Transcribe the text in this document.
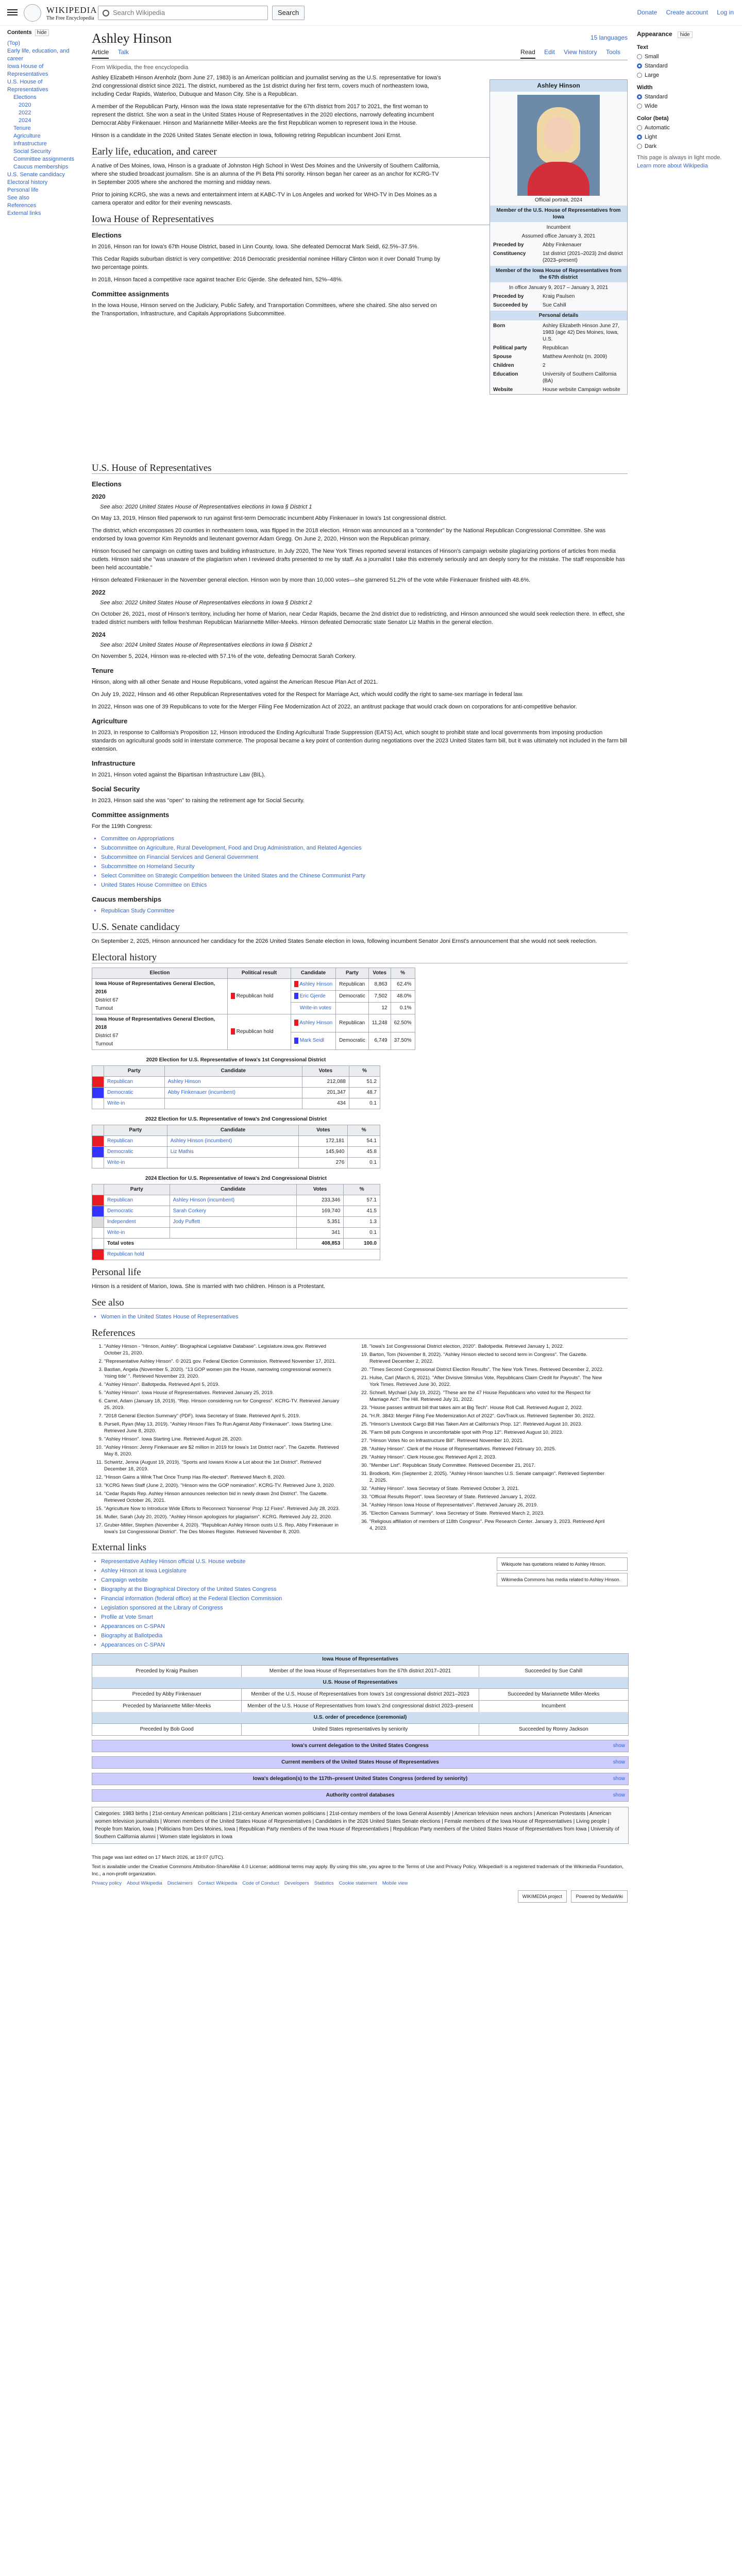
WIKIPEDIA
The Free Encyclopedia
Search Wikipedia	Search	Donate Create account Log in
Contents hide
(Top)
Early life, education, and career
Iowa House of Representatives
U.S. House of Representatives
Elections
2020
2022
2024
Tenure
Agriculture
Infrastructure
Social Security
Committee assignments
Caucus memberships
U.S. Senate candidacy
Electoral history
Personal life
See also
References
External links
Ashley Hinson	15 languages
Article Talk	Read Edit View history Tools
From Wikipedia, the free encyclopedia
Ashley Hinson
Official portrait, 2024
Member of the U.S. House of Representatives from Iowa
Incumbent
Assumed office January 3, 2021
Preceded by	Abby Finkenauer
Constituency	1st district (2021–2023) 2nd district (2023–present)
Member of the Iowa House of Representatives from the 67th district
In office January 9, 2017 – January 3, 2021
Preceded by	Kraig Paulsen
Succeeded by	Sue Cahill
Personal details
Born	Ashley Elizabeth Hinson June 27, 1983 (age 42) Des Moines, Iowa, U.S.
Political party	Republican
Spouse	Matthew Arenholz (m. 2009)
Children	2
Education	University of Southern California (BA)
Website	House website Campaign website

Ashley Elizabeth Hinson Arenholz (born June 27, 1983) is an American politician and journalist serving as the U.S. representative for Iowa's 2nd congressional district since 2021. The district, numbered as the 1st district during her first term, covers much of northeastern Iowa, including Cedar Rapids, Waterloo, Dubuque and Mason City. She is a Republican.

A member of the Republican Party, Hinson was the Iowa state representative for the 67th district from 2017 to 2021, the first woman to represent the district. She won a seat in the United States House of Representatives in the 2020 elections, narrowly defeating incumbent Democrat Abby Finkenauer. Hinson and Mariannette Miller-Meeks are the first Republican women to represent Iowa in the House.

Hinson is a candidate in the 2026 United States Senate election in Iowa, following retiring Republican incumbent Joni Ernst.

Early life, education, and career

A native of Des Moines, Iowa, Hinson is a graduate of Johnston High School in West Des Moines and the University of Southern California, where she studied broadcast journalism. She is an alumna of the Pi Beta Phi sorority. Hinson began her career as an anchor for KCRG-TV in September 2005 where she anchored the morning and midday news.

Prior to joining KCRG, she was a news and entertainment intern at KABC-TV in Los Angeles and worked for WHO-TV in Des Moines as a camera operator and editor for their evening newscasts.

Iowa House of Representatives
Elections

In 2016, Hinson ran for Iowa's 67th House District, based in Linn County, Iowa. She defeated Democrat Mark Seidl, 62.5%–37.5%.

This Cedar Rapids suburban district is very competitive: 2016 Democratic presidential nominee Hillary Clinton won it over Donald Trump by two percentage points.

In 2018, Hinson faced a competitive race against teacher Eric Gjerde. She defeated him, 52%–48%.

Committee assignments

In the Iowa House, Hinson served on the Judiciary, Public Safety, and Transportation Committees, where she chaired. She also served on the Transportation, Infrastructure, and Capitals Appropriations Subcommittee.

U.S. House of Representatives
Elections
2020
See also: 2020 United States House of Representatives elections in Iowa § District 1

On May 13, 2019, Hinson filed paperwork to run against first-term Democratic incumbent Abby Finkenauer in Iowa's 1st congressional district.

The district, which encompasses 20 counties in northeastern Iowa, was flipped in the 2018 election. Hinson was announced as a "contender" by the National Republican Congressional Committee. She was endorsed by Iowa governor Kim Reynolds and lieutenant governor Adam Gregg. On June 2, 2020, Hinson won the Republican primary.

Hinson focused her campaign on cutting taxes and building infrastructure. In July 2020, The New York Times reported several instances of Hinson's campaign website plagiarizing portions of articles from media outlets. Hinson said she "was unaware of the plagiarism when I reviewed drafts presented to me by staff. As a journalist I take this extremely seriously and am deeply sorry for the mistake. The staff responsible has been held accountable."

Hinson defeated Finkenauer in the November general election. Hinson won by more than 10,000 votes—she garnered 51.2% of the vote while Finkenauer finished with 48.6%.

2022
See also: 2022 United States House of Representatives elections in Iowa § District 2

On October 26, 2021, most of Hinson's territory, including her home of Marion, near Cedar Rapids, became the 2nd district due to redistricting, and Hinson announced she would seek reelection there. In effect, she traded district numbers with fellow freshman Republican Mariannette Miller-Meeks. Hinson defeated Democratic state Senator Liz Mathis in the general election.

2024
See also: 2024 United States House of Representatives elections in Iowa § District 2

On November 5, 2024, Hinson was re-elected with 57.1% of the vote, defeating Democrat Sarah Corkery.

Tenure

Hinson, along with all other Senate and House Republicans, voted against the American Rescue Plan Act of 2021.

On July 19, 2022, Hinson and 46 other Republican Representatives voted for the Respect for Marriage Act, which would codify the right to same-sex marriage in federal law.

In 2022, Hinson was one of 39 Republicans to vote for the Merger Filing Fee Modernization Act of 2022, an antitrust package that would crack down on corporations for anti-competitive behavior.

Agriculture

In 2023, in response to California's Proposition 12, Hinson introduced the Ending Agricultural Trade Suppression (EATS) Act, which sought to prohibit state and local governments from imposing production standards on agricultural goods sold in interstate commerce. The proposal became a key point of contention during negotiations over the 2023 United States farm bill, but it was ultimately not included in the farm bill extension.

Infrastructure

In 2021, Hinson voted against the Bipartisan Infrastructure Law (BIL).

Social Security

In 2023, Hinson said she was "open" to raising the retirement age for Social Security.

Committee assignments

For the 119th Congress:

• Committee on Appropriations
• Subcommittee on Agriculture, Rural Development, Food and Drug Administration, and Related Agencies
• Subcommittee on Financial Services and General Government
• Subcommittee on Homeland Security
• Select Committee on Strategic Competition between the United States and the Chinese Communist Party
• United States House Committee on Ethics
Caucus memberships
• Republican Study Committee
U.S. Senate candidacy

On September 2, 2025, Hinson announced her candidacy for the 2026 United States Senate election in Iowa, following incumbent Senator Joni Ernst's announcement that she would not seek reelection.

Electoral history
Election	Political result	Candidate	Party	Votes	%
Iowa House of Representatives General Election, 2016
District 67
Turnout	Republican hold	Ashley Hinson	Republican	8,863	62.4%
		Eric Gjerde	Democratic	7,502	48.0%
		Write-in votes		12	0.1%
Iowa House of Representatives General Election, 2018
District 67
Turnout	Republican hold	Ashley Hinson	Republican	11,248	62.50%
		Mark Seidl	Democratic	6,749	37.50%
2020 Election for U.S. Representative of Iowa's 1st Congressional District
	Party	Candidate	Votes	%
	Republican	Ashley Hinson	212,088	51.2
	Democratic	Abby Finkenauer (incumbent)	201,347	48.7
	Write-in		434	0.1
2022 Election for U.S. Representative of Iowa's 2nd Congressional District
	Party	Candidate	Votes	%
	Republican	Ashley Hinson (incumbent)	172,181	54.1
	Democratic	Liz Mathis	145,940	45.8
	Write-in		276	0.1
2024 Election for U.S. Representative of Iowa's 2nd Congressional District
	Party	Candidate	Votes	%
	Republican	Ashley Hinson (incumbent)	233,346	57.1
	Democratic	Sarah Corkery	169,740	41.5
	Independent	Jody Puffett	5,351	1.3
	Write-in		341	0.1
	Total votes		408,853	100.0
	Republican hold			
Personal life

Hinson is a resident of Marion, Iowa. She is married with two children. Hinson is a Protestant.

See also
• Women in the United States House of Representatives
References
1. "Ashley Hinson - "Hinson, Ashley". Biographical Legislative Database". Legislature.iowa.gov. Retrieved October 21, 2020.
2. "Representative Ashley Hinson". © 2021 gov. Federal Election Commission. Retrieved November 17, 2021.
3. Bastian, Angela (November 5, 2020). "13 GOP women join the House, narrowing congressional women's 'rising tide' ". Retrieved November 23, 2020.
4. "Ashley Hinson". Ballotpedia. Retrieved April 5, 2019.
5. "Ashley Hinson". Iowa House of Representatives. Retrieved January 25, 2019.
6. Carrel, Adam (January 18, 2019). "Rep. Hinson considering run for Congress". KCRG-TV. Retrieved January 25, 2019.
7. "2018 General Election Summary" (PDF). Iowa Secretary of State. Retrieved April 5, 2019.
8. Pursell, Ryan (May 13, 2019). "Ashley Hinson Files To Run Against Abby Finkenauer". Iowa Starting Line. Retrieved June 8, 2020.
9. "Ashley Hinson". Iowa Starting Line. Retrieved August 28, 2020.
10. "Ashley Hinson: Jenny Finkenauer are $2 million in 2019 for Iowa's 1st District race". The Gazette. Retrieved May 8, 2020.
11. Schwirtz, Jenna (August 19, 2019). "Sports and Iowans Know a Lot about the 1st District". Retrieved December 18, 2019.
12. "Hinson Gains a Wink That Once Trump Has Re-elected". Retrieved March 8, 2020.
13. "KCRG News Staff (June 2, 2020). "Hinson wins the GOP nomination". KCRG-TV. Retrieved June 3, 2020.
14. "Cedar Rapids Rep. Ashley Hinson announces reelection bid in newly drawn 2nd District". The Gazette. Retrieved October 26, 2021.
15. "Agriculture Now to Introduce Wide Efforts to Reconnect 'Nonsense' Prop 12 Fixes". Retrieved July 28, 2023.
16. Muller, Sarah (July 20, 2020). "Ashley Hinson apologizes for plagiarism". KCRG. Retrieved July 22, 2020.
17. Gruber-Miller, Stephen (November 4, 2020). "Republican Ashley Hinson ousts U.S. Rep. Abby Finkenauer in Iowa's 1st Congressional District". The Des Moines Register. Retrieved November 8, 2020.
18. "Iowa's 1st Congressional District election, 2020". Ballotpedia. Retrieved January 1, 2022.
19. Barton, Tom (November 8, 2022). "Ashley Hinson elected to second term in Congress". The Gazette. Retrieved December 2, 2022.
20. "Times Second Congressional District Election Results". The New York Times. Retrieved December 2, 2022.
21. Hulse, Carl (March 6, 2021). "After Divisive Stimulus Vote, Republicans Claim Credit for Payouts". The New York Times. Retrieved June 30, 2022.
22. Schnell, Mychael (July 19, 2022). "These are the 47 House Republicans who voted for the Respect for Marriage Act". The Hill. Retrieved July 31, 2022.
23. "House passes antitrust bill that takes aim at Big Tech". House Roll Call. Retrieved August 2, 2022.
24. "H.R. 3843: Merger Filing Fee Modernization Act of 2022". GovTrack.us. Retrieved September 30, 2022.
25. "Hinson's Livestock Cargo Bill Has Taken Aim at California's Prop. 12". Retrieved August 10, 2023.
26. "Farm bill puts Congress in uncomfortable spot with Prop 12". Retrieved August 10, 2023.
27. "Hinson Votes No on Infrastructure Bill". Retrieved November 10, 2021.
28. "Ashley Hinson". Clerk of the House of Representatives. Retrieved February 10, 2025.
29. "Ashley Hinson". Clerk House.gov. Retrieved April 2, 2023.
30. "Member List". Republican Study Committee. Retrieved December 21, 2017.
31. Brodkorb, Kim (September 2, 2025). "Ashley Hinson launches U.S. Senate campaign". Retrieved September 2, 2025.
32. "Ashley Hinson". Iowa Secretary of State. Retrieved October 3, 2021.
33. "Official Results Report". Iowa Secretary of State. Retrieved January 1, 2022.
34. "Ashley Hinson Iowa House of Representatives". Retrieved January 26, 2019.
35. "Election Canvass Summary". Iowa Secretary of State. Retrieved March 2, 2023.
36. "Religious affiliation of members of 118th Congress". Pew Research Center. January 3, 2023. Retrieved April 4, 2023.
External links
• Representative Ashley Hinson official U.S. House website
• Ashley Hinson at Iowa Legislature
• Campaign website
• Biography at the Biographical Directory of the United States Congress
• Financial information (federal office) at the Federal Election Commission
• Legislation sponsored at the Library of Congress
• Profile at Vote Smart
• Appearances on C-SPAN
• Biography at Ballotpedia
• Appearances on C-SPAN
Wikiquote has quotations related to Ashley Hinson.
Wikimedia Commons has media related to Ashley Hinson.
Iowa House of Representatives
Preceded by Kraig Paulsen	Member of the Iowa House of Representatives from the 67th district 2017–2021	Succeeded by Sue Cahill
U.S. House of Representatives
Preceded by Abby Finkenauer	Member of the U.S. House of Representatives from Iowa's 1st congressional district 2021–2023	Succeeded by Mariannette Miller-Meeks
Preceded by Mariannette Miller-Meeks	Member of the U.S. House of Representatives from Iowa's 2nd congressional district 2023–present	Incumbent
U.S. order of precedence (ceremonial)
Preceded by Bob Good	United States representatives by seniority	Succeeded by Ronny Jackson
Iowa's current delegation to the United States Congress	show
Current members of the United States House of Representatives	show
Iowa's delegation(s) to the 117th–present United States Congress (ordered by seniority)	show
Authority control databases	show
Categories: 1983 births | 21st-century American politicians | 21st-century American women politicians | 21st-century members of the Iowa General Assembly | American television news anchors | American Protestants | American women television journalists | Women members of the United States House of Representatives | Candidates in the 2026 United States Senate elections | Female members of the Iowa House of Representatives | Living people | People from Marion, Iowa | Politicians from Des Moines, Iowa | Republican Party members of the Iowa House of Representatives | Republican Party members of the United States House of Representatives from Iowa | University of Southern California alumni | Women state legislators in Iowa
This page was last edited on 17 March 2026, at 19:07 (UTC).
Text is available under the Creative Commons Attribution-ShareAlike 4.0 License; additional terms may apply. By using this site, you agree to the Terms of Use and Privacy Policy. Wikipedia® is a registered trademark of the Wikimedia Foundation, Inc., a non-profit organization.
Privacy policy About Wikipedia Disclaimers Contact Wikipedia Code of Conduct Developers Statistics Cookie statement Mobile view
WIKIMEDIA project	Powered by MediaWiki
Appearance hide
Text
Small
Standard
Large
Width
Standard
Wide
Color (beta)
Automatic
Light
Dark
This page is always in light mode.
Learn more about Wikipedia
